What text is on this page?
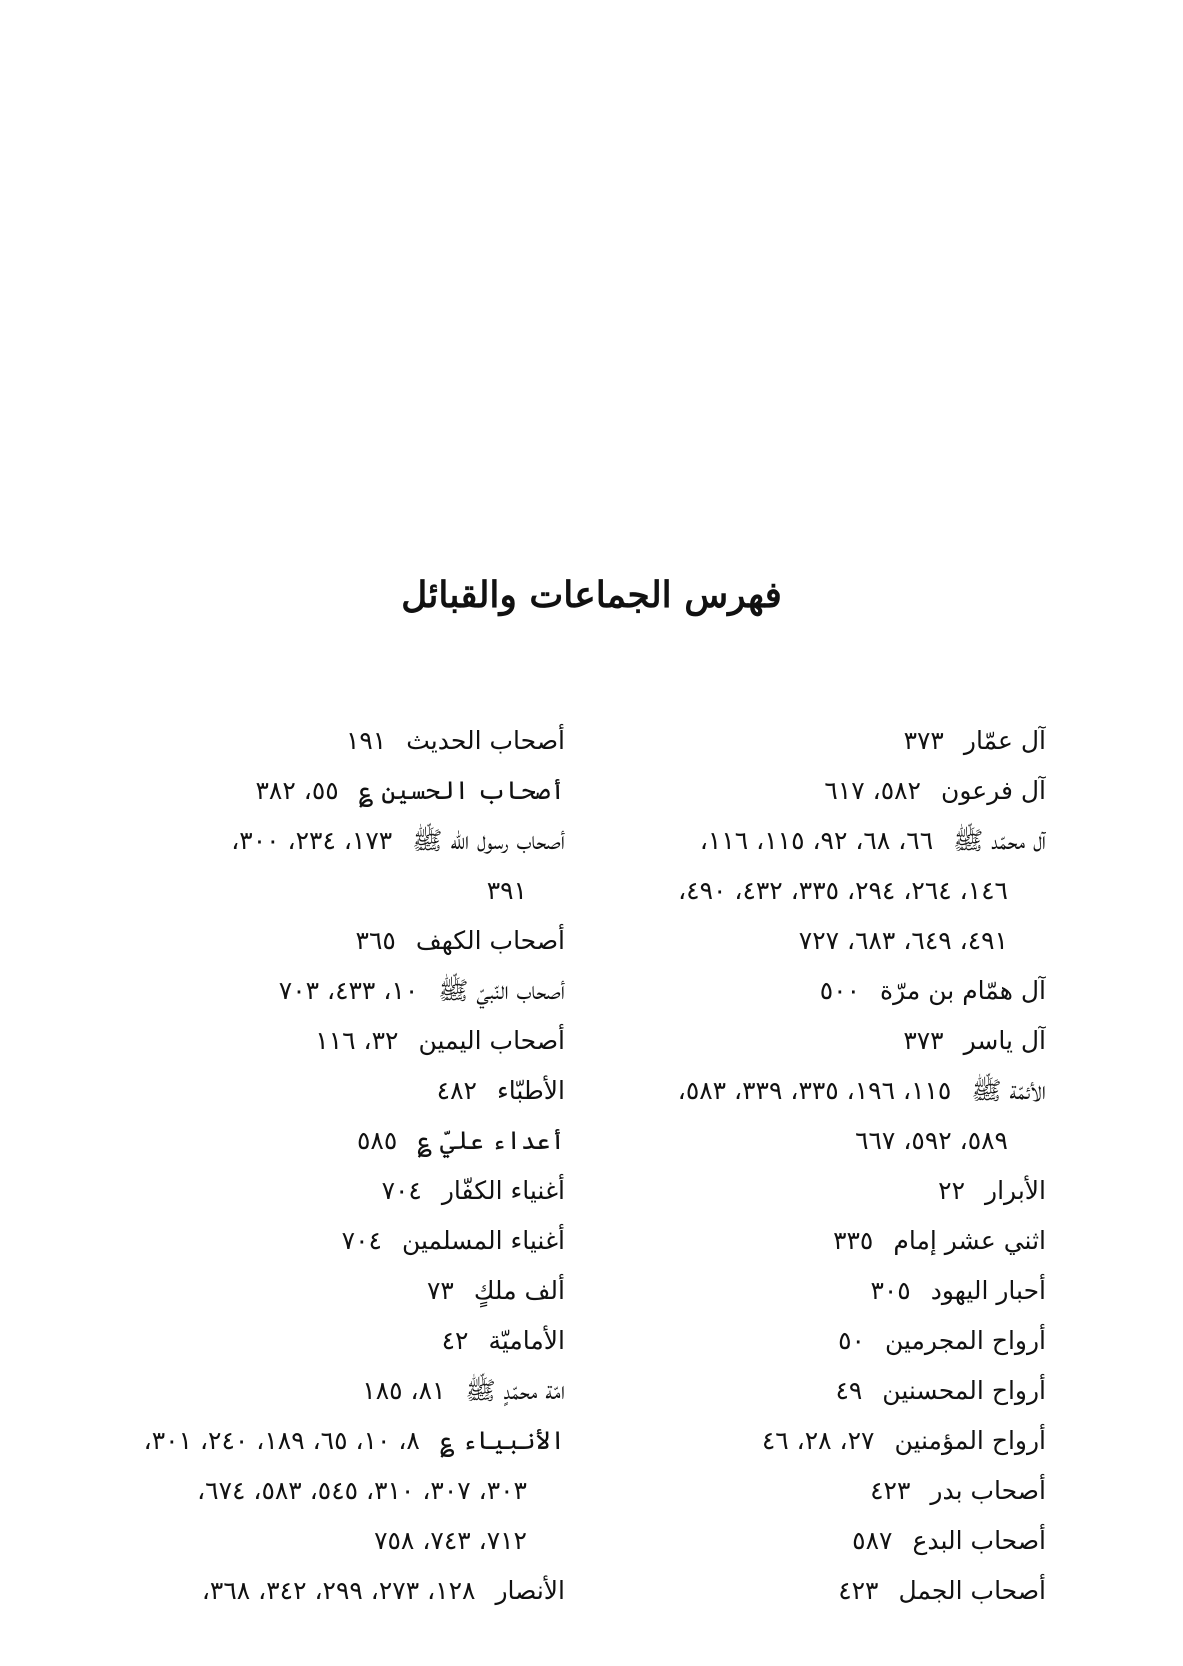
فهرس الجماعات والقبائل
آل عمّار٣٧٣
آل فرعون٥٨٢، ٦١٧
آل محمّد ﷺ٦٦، ٦٨، ٩٢، ١١٥، ١١٦،
١٤٦، ٢٦٤، ٢٩٤، ٣٣٥، ٤٣٢، ٤٩٠،
٤٩١، ٦٤٩، ٦٨٣، ٧٢٧
آل همّام بن مرّة٥٠٠
آل ياسر٣٧٣
الأئمّة ﷺ١١٥، ١٩٦، ٣٣٥، ٣٣٩، ٥٨٣،
٥٨٩، ٥٩٢، ٦٦٧
الأبرار٢٢
اثني عشر إمام٣٣٥
أحبار اليهود٣٠٥
أرواح المجرمين٥٠
أرواح المحسنين٤٩
أرواح المؤمنين٢٧، ٢٨، ٤٦
أصحاب بدر٤٢٣
أصحاب البدع٥٨٧
أصحاب الجمل٤٢٣
أصحاب الحديث١٩١
أصحاب الحسين ؏٥٥، ٣٨٢
أصحاب رسول الله ﷺ١٧٣، ٢٣٤، ٣٠٠،
٣٩١
أصحاب الكهف٣٦٥
أصحاب النّبيّ ﷺ١٠، ٤٣٣، ٧٠٣
أصحاب اليمين٣٢، ١١٦
الأطبّاء٤٨٢
أعداء عليّ ؏٥٨٥
أغنياء الكفّار٧٠٤
أغنياء المسلمين٧٠٤
ألف ملكٍ٧٣
الأماميّة٤٢
امّة محمّدٍ ﷺ٨١، ١٨٥
الأنبياء ؏٨، ١٠، ٦٥، ١٨٩، ٢٤٠، ٣٠١،
٣٠٣، ٣٠٧، ٣١٠، ٥٤٥، ٥٨٣، ٦٧٤،
٧١٢، ٧٤٣، ٧٥٨
الأنصار١٢٨، ٢٧٣، ٢٩٩، ٣٤٢، ٣٦٨،
